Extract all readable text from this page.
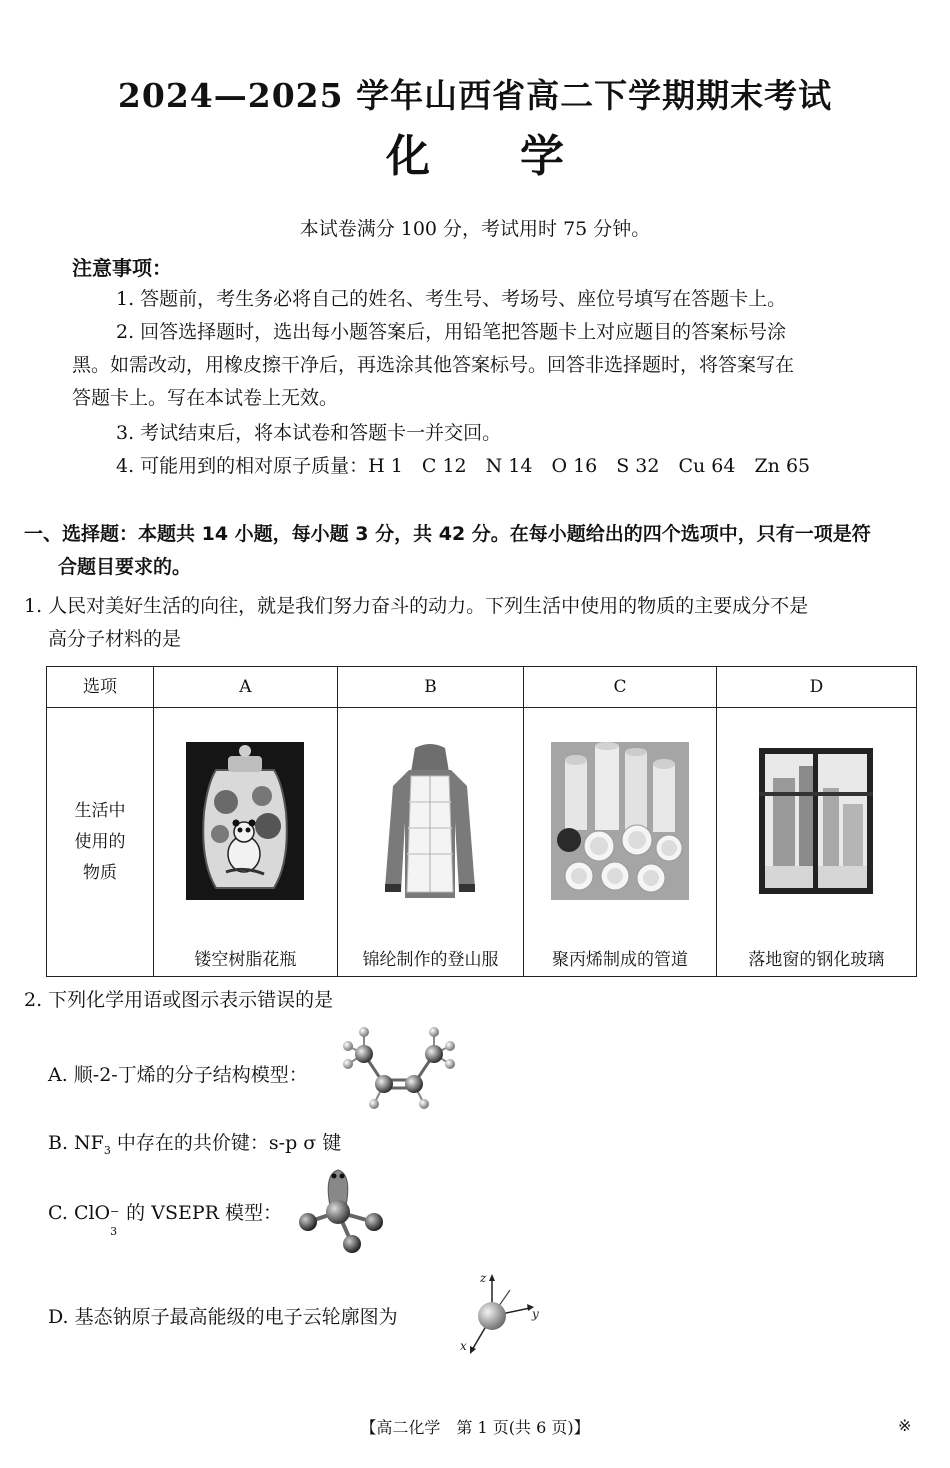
2024—2025 学年山西省高二下学期期末考试
化学
本试卷满分 100 分，考试用时 75 分钟。
注意事项：
1. 答题前，考生务必将自己的姓名、考生号、考场号、座位号填写在答题卡上。
2. 回答选择题时，选出每小题答案后，用铅笔把答题卡上对应题目的答案标号涂
黑。如需改动，用橡皮擦干净后，再选涂其他答案标号。回答非选择题时，将答案写在
答题卡上。写在本试卷上无效。
3. 考试结束后，将本试卷和答题卡一并交回。
4. 可能用到的相对原子质量：H 1　C 12　N 14　O 16　S 32　Cu 64　Zn 65
一、选择题：本题共 14 小题，每小题 3 分，共 42 分。在每小题给出的四个选项中，只有一项是符
合题目要求的。
1. 人民对美好生活的向往，就是我们努力奋斗的动力。下列生活中使用的物质的主要成分不是
高分子材料的是
选项	A	B	C	D

生活中
使用的
物质	镂空树脂花瓶	锦纶制作的登山服	聚丙烯制成的管道	落地窗的钢化玻璃
2. 下列化学用语或图示表示错误的是
A. 顺-2-丁烯的分子结构模型：
B. $NF_3$ 中存在的共价键：s-p σ 键
C. ClO −
3
的 VSEPR 模型：
D. 基态钠原子最高能级的电子云轮廓图为
z
y
x
【高二化学　第 1 页(共 6 页)】	※
